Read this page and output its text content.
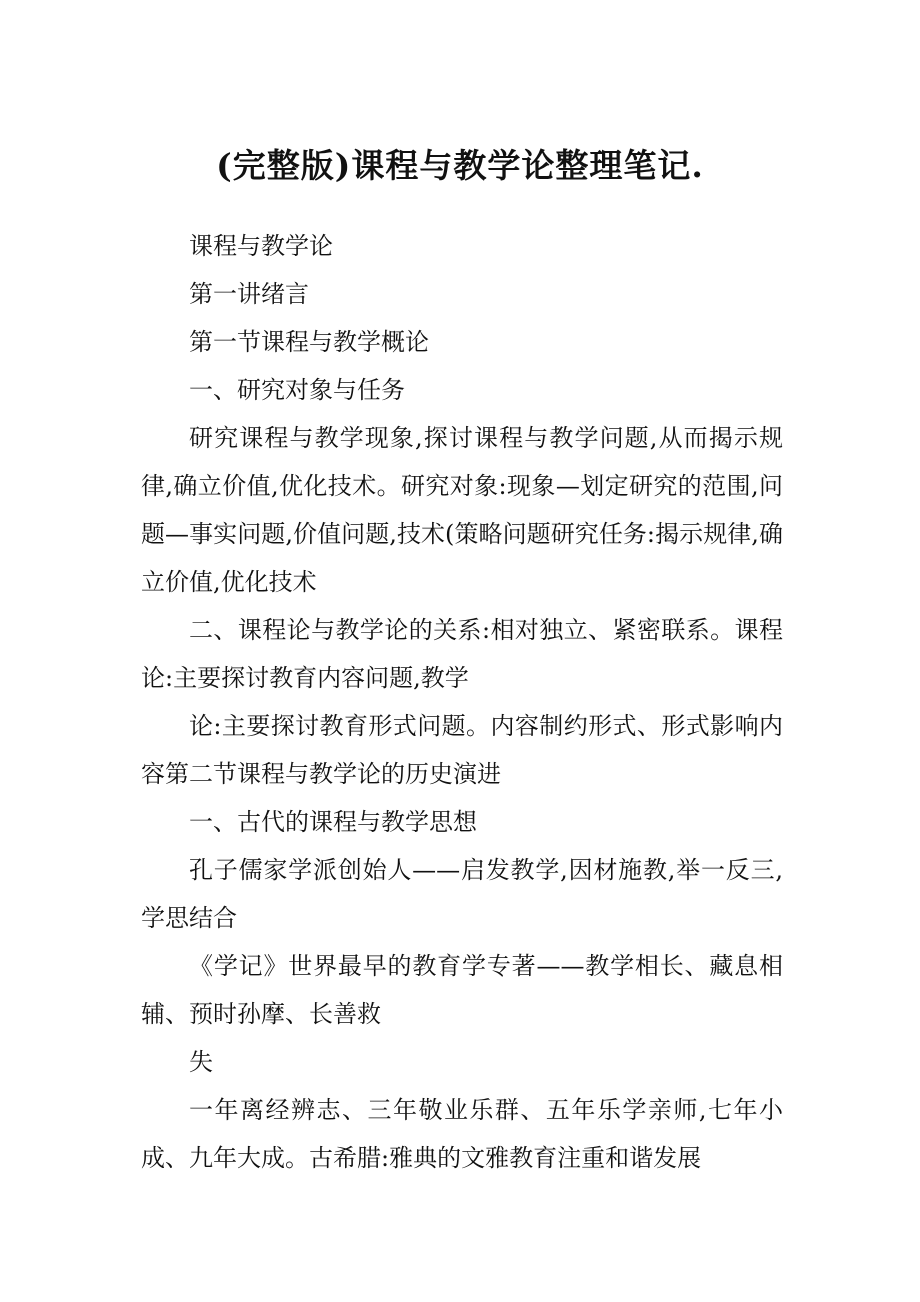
(完整版)课程与教学论整理笔记.

课程与教学论

第一讲绪言

第一节课程与教学概论

一、研究对象与任务

研究课程与教学现象,探讨课程与教学问题,从而揭示规律,确立价值,优化技术。研究对象:现象—划定研究的范围,问题—事实问题,价值问题,技术(策略问题研究任务:揭示规律,确立价值,优化技术

二、课程论与教学论的关系:相对独立、紧密联系。课程论:主要探讨教育内容问题,教学

论:主要探讨教育形式问题。内容制约形式、形式影响内容第二节课程与教学论的历史演进

一、古代的课程与教学思想

孔子儒家学派创始人——启发教学,因材施教,举一反三,学思结合

《学记》世界最早的教育学专著——教学相长、藏息相辅、预时孙摩、长善救

失

一年离经辨志、三年敬业乐群、五年乐学亲师,七年小成、九年大成。古希腊:雅典的文雅教育注重和谐发展
